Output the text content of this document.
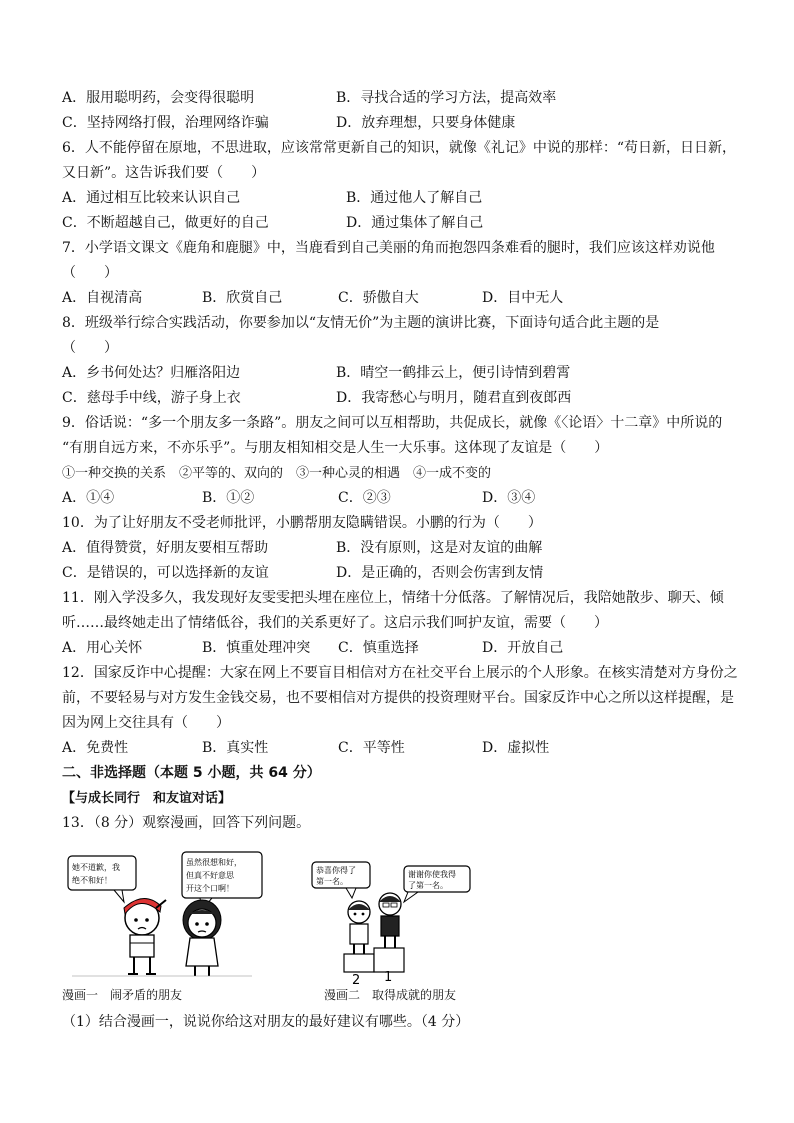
A．服用聪明药，会变得很聪明	B．寻找合适的学习方法，提高效率
C．坚持网络打假，治理网络诈骗	D．放弃理想，只要身体健康
6．人不能停留在原地，不思进取，应该常常更新自己的知识，就像《礼记》中说的那样：“苟日新，日日新，
又日新”。这告诉我们要（　　）
A．通过相互比较来认识自己	B．通过他人了解自己
C．不断超越自己，做更好的自己	D．通过集体了解自己
7．小学语文课文《鹿角和鹿腿》中，当鹿看到自己美丽的角而抱怨四条难看的腿时，我们应该这样劝说他
（　　）
A．自视清高	B．欣赏自己	C．骄傲自大	D．目中无人
8．班级举行综合实践活动，你要参加以“友情无价”为主题的演讲比赛，下面诗句适合此主题的是
（　　）
A．乡书何处达？归雁洛阳边	B．晴空一鹤排云上，便引诗情到碧霄
C．慈母手中线，游子身上衣	D．我寄愁心与明月，随君直到夜郎西
9．俗话说：“多一个朋友多一条路”。朋友之间可以互相帮助，共促成长，就像《〈论语〉十二章》中所说的
“有朋自远方来，不亦乐乎”。与朋友相知相交是人生一大乐事。这体现了友谊是（　　）
①一种交换的关系　②平等的、双向的　③一种心灵的相遇　④一成不变的
A．①④	B．①②	C．②③	D．③④
10．为了让好朋友不受老师批评，小鹏帮朋友隐瞒错误。小鹏的行为（　　）
A．值得赞赏，好朋友要相互帮助	B．没有原则，这是对友谊的曲解
C．是错误的，可以选择新的友谊	D．是正确的，否则会伤害到友情
11．刚入学没多久，我发现好友雯雯把头埋在座位上，情绪十分低落。了解情况后，我陪她散步、聊天、倾
听……最终她走出了情绪低谷，我们的关系更好了。这启示我们呵护友谊，需要（　　）
A．用心关怀	B．慎重处理冲突 C．慎重选择	D．开放自己
12．国家反诈中心提醒：大家在网上不要盲目相信对方在社交平台上展示的个人形象。在核实清楚对方身份之
前，不要轻易与对方发生金钱交易，也不要相信对方提供的投资理财平台。国家反诈中心之所以这样提醒，是
因为网上交往具有（　　）
A．免费性	B．真实性	C．平等性	D．虚拟性
二、非选择题（本题 5 小题，共 64 分）
【与成长同行　和友谊对话】
13．（8 分）观察漫画，回答下列问题。
她不道歉，我
绝不和好！
虽然很想和好，
但真不好意思
开这个口啊！
恭喜你得了
第一名。
谢谢你使我得
了第一名。
2 1
漫画一　闹矛盾的朋友	漫画二　取得成就的朋友
（1）结合漫画一，说说你给这对朋友的最好建议有哪些。（4 分）
